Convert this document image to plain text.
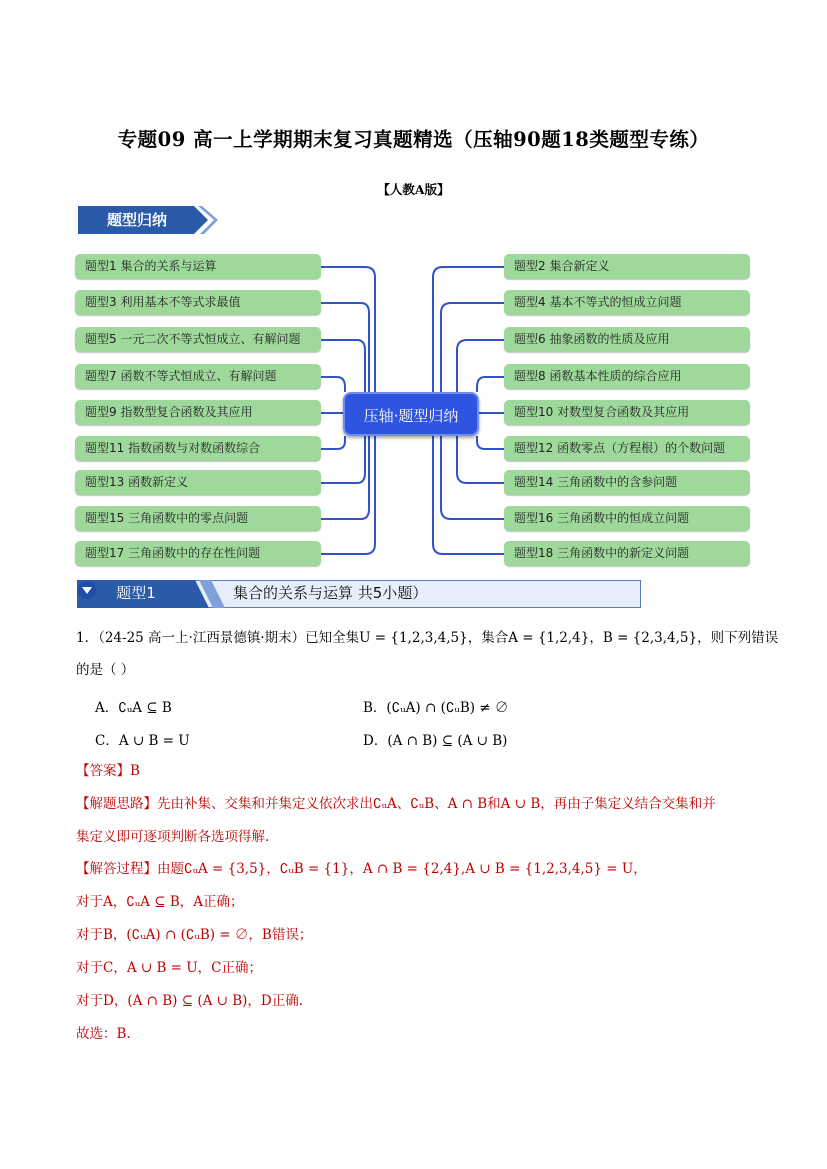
专题09 高一上学期期末复习真题精选（压轴90题18类题型专练）
【人教A版】
题型归纳
题型1 集合的关系与运算
题型3 利用基本不等式求最值
题型5 一元二次不等式恒成立、有解问题
题型7 函数不等式恒成立、有解问题
题型9 指数型复合函数及其应用
题型11 指数函数与对数函数综合
题型13 函数新定义
题型15 三角函数中的零点问题
题型17 三角函数中的存在性问题
题型2 集合新定义
题型4 基本不等式的恒成立问题
题型6 抽象函数的性质及应用
题型8 函数基本性质的综合应用
题型10 对数型复合函数及其应用
题型12 函数零点（方程根）的个数问题
题型14 三角函数中的含参问题
题型16 三角函数中的恒成立问题
题型18 三角函数中的新定义问题
压轴·题型归纳
题型1	集合的关系与运算 共5小题）
1．（24-25 高一上·江西景德镇·期末）已知全集U = {1,2,3,4,5}，集合A = {1,2,4}，B = {2,3,4,5}，则下列错误
的是（ ）
A．∁ᵤA ⊆ B	B．(∁ᵤA) ∩ (∁ᵤB) ≠ ∅
C．A ∪ B = U	D．(A ∩ B) ⊆ (A ∪ B)
【答案】B
【解题思路】先由补集、交集和并集定义依次求出∁ᵤA、∁ᵤB、A ∩ B和A ∪ B，再由子集定义结合交集和并
集定义即可逐项判断各选项得解.
【解答过程】由题∁ᵤA = {3,5}，∁ᵤB = {1}，A ∩ B = {2,4},A ∪ B = {1,2,3,4,5} = U，
对于A，∁ᵤA ⊆ B，A正确；
对于B，(∁ᵤA) ∩ (∁ᵤB) = ∅，B错误；
对于C，A ∪ B = U，C正确；
对于D，(A ∩ B) ⊆ (A ∪ B)，D正确.
故选：B.
